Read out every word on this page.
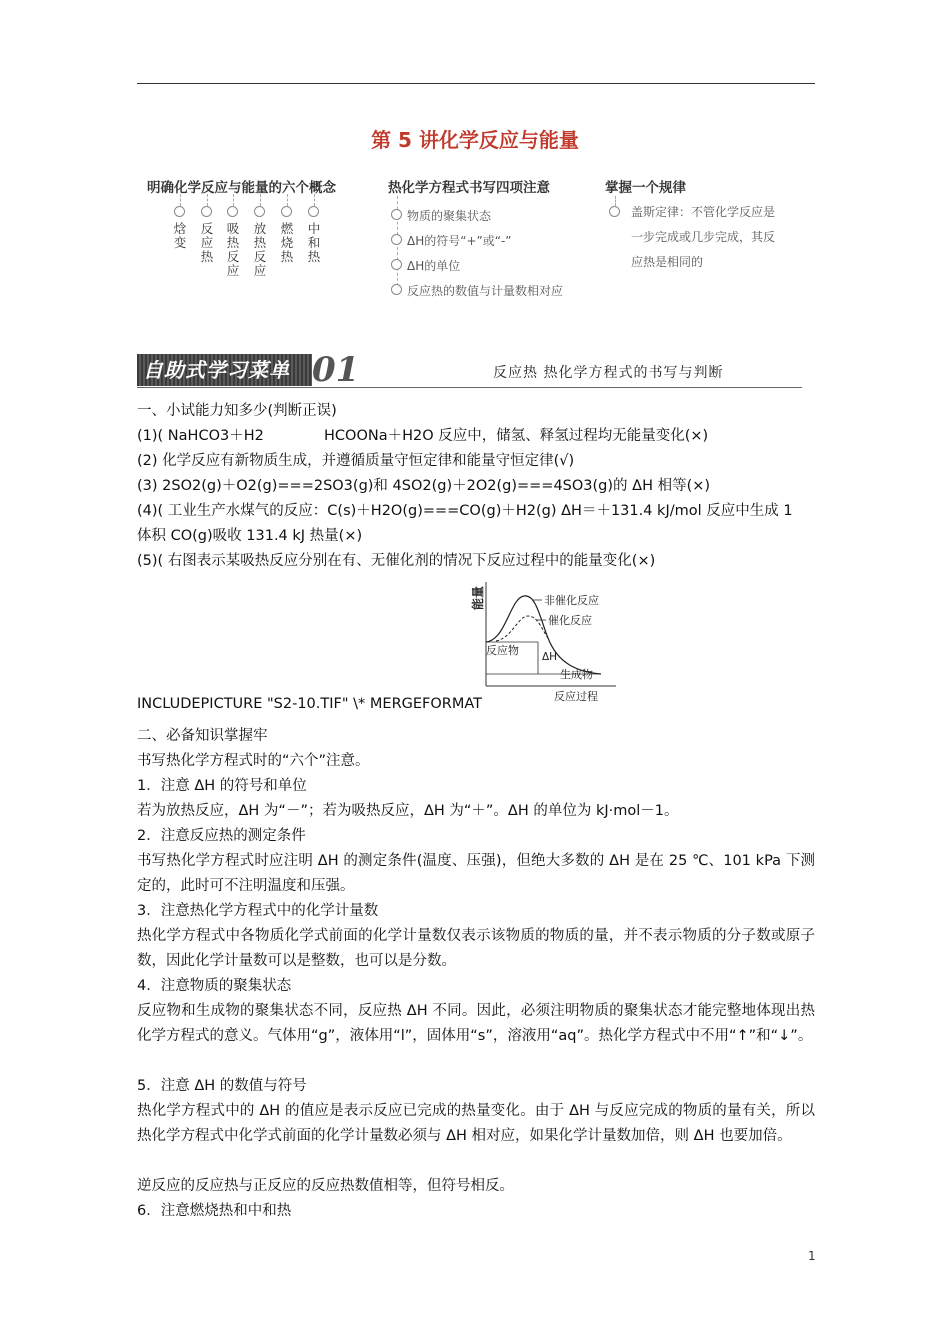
第 5 讲化学反应与能量
明确化学反应与能量的六个概念	热化学方程式书写四项注意	掌握一个规律
焓变
反应热
吸热反应
放热反应
燃烧热
中和热
物质的聚集状态
ΔH的符号“+”或“-”
ΔH的单位
反应热的数值与计量数相对应
盖斯定律：不管化学反应是
一步完成或几步完成，其反
应热是相同的
自助式学习菜单 01	反应热 热化学方程式的书写与判断
一、小试能力知多少(判断正误)
(1)( NaHCO3＋H2	HCOONa＋H2O 反应中，储氢、释氢过程均无能量变化(×)
(2) 化学反应有新物质生成，并遵循质量守恒定律和能量守恒定律(√)
(3) 2SO2(g)＋O2(g)===2SO3(g)和 4SO2(g)＋2O2(g)===4SO3(g)的 ΔH 相等(×)
(4)( 工业生产水煤气的反应：C(s)＋H2O(g)===CO(g)＋H2(g) ΔH＝＋131.4 kJ/mol 反应中生成 1
体积 CO(g)吸收 131.4 kJ 热量(×)
(5)( 右图表示某吸热反应分别在有、无催化剂的情况下反应过程中的能量变化(×)
能量	非催化反应
催化反应
反应物 ΔH
生成物
反应过程
INCLUDEPICTURE "S2-10.TIF" \* MERGEFORMAT
二、必备知识掌握牢
书写热化学方程式时的“六个”注意。
1．注意 ΔH 的符号和单位
若为放热反应，ΔH 为“－”；若为吸热反应，ΔH 为“＋”。ΔH 的单位为 kJ·mol－1。
2．注意反应热的测定条件
书写热化学方程式时应注明 ΔH 的测定条件(温度、压强)，但绝大多数的 ΔH 是在 25 ℃、101 kPa 下测定的，此时可不注明温度和压强。
3．注意热化学方程式中的化学计量数
热化学方程式中各物质化学式前面的化学计量数仅表示该物质的物质的量，并不表示物质的分子数或原子数，因此化学计量数可以是整数，也可以是分数。
4．注意物质的聚集状态
反应物和生成物的聚集状态不同，反应热 ΔH 不同。因此，必须注明物质的聚集状态才能完整地体现出热化学方程式的意义。气体用“g”，液体用“l”，固体用“s”，溶液用“aq”。热化学方程式中不用“↑”和“↓”。
5．注意 ΔH 的数值与符号
热化学方程式中的 ΔH 的值应是表示反应已完成的热量变化。由于 ΔH 与反应完成的物质的量有关，所以热化学方程式中化学式前面的化学计量数必须与 ΔH 相对应，如果化学计量数加倍，则 ΔH 也要加倍。
逆反应的反应热与正反应的反应热数值相等，但符号相反。
6．注意燃烧热和中和热
1
